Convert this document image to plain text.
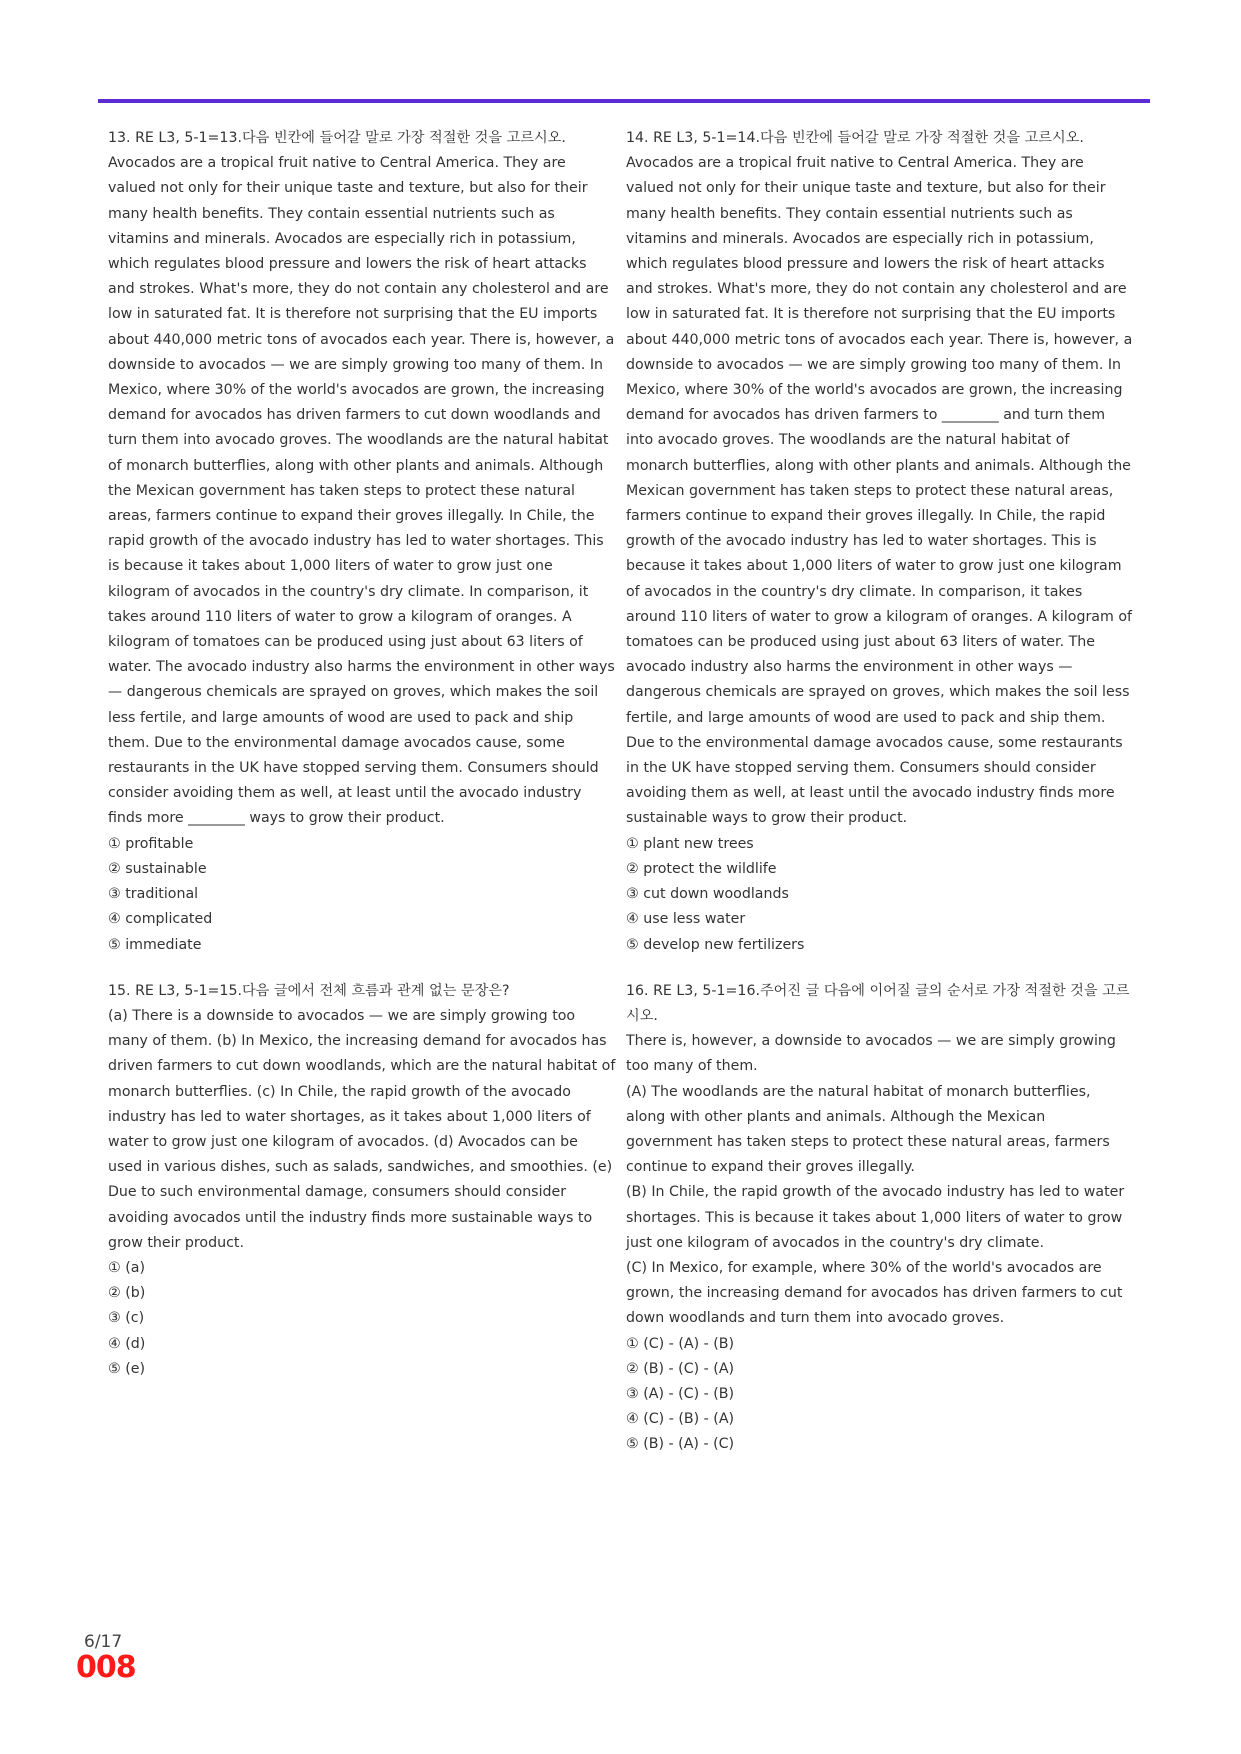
13. RE L3, 5-1=13.다음 빈칸에 들어갈 말로 가장 적절한 것을 고르시오.

Avocados are a tropical fruit native to Central America. They are valued not only for their unique taste and texture, but also for their many health benefits. They contain essential nutrients such as vitamins and minerals. Avocados are especially rich in potassium, which regulates blood pressure and lowers the risk of heart attacks and strokes. What's more, they do not contain any cholesterol and are low in saturated fat. It is therefore not surprising that the EU imports about 440,000 metric tons of avocados each year. There is, however, a downside to avocados — we are simply growing too many of them. In Mexico, where 30% of the world's avocados are grown, the increasing demand for avocados has driven farmers to cut down woodlands and turn them into avocado groves. The woodlands are the natural habitat of monarch butterflies, along with other plants and animals. Although the Mexican government has taken steps to protect these natural areas, farmers continue to expand their groves illegally. In Chile, the rapid growth of the avocado industry has led to water shortages. This is because it takes about 1,000 liters of water to grow just one kilogram of avocados in the country's dry climate. In comparison, it takes around 110 liters of water to grow a kilogram of oranges. A kilogram of tomatoes can be produced using just about 63 liters of water. The avocado industry also harms the environment in other ways — dangerous chemicals are sprayed on groves, which makes the soil less fertile, and large amounts of wood are used to pack and ship them. Due to the environmental damage avocados cause, some restaurants in the UK have stopped serving them. Consumers should consider avoiding them as well, at least until the avocado industry finds more ________ ways to grow their product.

① profitable

② sustainable

③ traditional

④ complicated

⑤ immediate

15. RE L3, 5-1=15.다음 글에서 전체 흐름과 관계 없는 문장은?

(a) There is a downside to avocados — we are simply growing too many of them. (b) In Mexico, the increasing demand for avocados has driven farmers to cut down woodlands, which are the natural habitat of monarch butterflies. (c) In Chile, the rapid growth of the avocado industry has led to water shortages, as it takes about 1,000 liters of water to grow just one kilogram of avocados. (d) Avocados can be used in various dishes, such as salads, sandwiches, and smoothies. (e) Due to such environmental damage, consumers should consider avoiding avocados until the industry finds more sustainable ways to grow their product.

① (a)

② (b)

③ (c)

④ (d)

⑤ (e)

14. RE L3, 5-1=14.다음 빈칸에 들어갈 말로 가장 적절한 것을 고르시오.

Avocados are a tropical fruit native to Central America. They are valued not only for their unique taste and texture, but also for their many health benefits. They contain essential nutrients such as vitamins and minerals. Avocados are especially rich in potassium, which regulates blood pressure and lowers the risk of heart attacks and strokes. What's more, they do not contain any cholesterol and are low in saturated fat. It is therefore not surprising that the EU imports about 440,000 metric tons of avocados each year. There is, however, a downside to avocados — we are simply growing too many of them. In Mexico, where 30% of the world's avocados are grown, the increasing demand for avocados has driven farmers to ________ and turn them into avocado groves. The woodlands are the natural habitat of monarch butterflies, along with other plants and animals. Although the Mexican government has taken steps to protect these natural areas, farmers continue to expand their groves illegally. In Chile, the rapid growth of the avocado industry has led to water shortages. This is because it takes about 1,000 liters of water to grow just one kilogram of avocados in the country's dry climate. In comparison, it takes around 110 liters of water to grow a kilogram of oranges. A kilogram of tomatoes can be produced using just about 63 liters of water. The avocado industry also harms the environment in other ways — dangerous chemicals are sprayed on groves, which makes the soil less fertile, and large amounts of wood are used to pack and ship them. Due to the environmental damage avocados cause, some restaurants in the UK have stopped serving them. Consumers should consider avoiding them as well, at least until the avocado industry finds more sustainable ways to grow their product.

① plant new trees

② protect the wildlife

③ cut down woodlands

④ use less water

⑤ develop new fertilizers

16. RE L3, 5-1=16.주어진 글 다음에 이어질 글의 순서로 가장 적절한 것을 고르시오.

There is, however, a downside to avocados — we are simply growing too many of them.

(A) The woodlands are the natural habitat of monarch butterflies, along with other plants and animals. Although the Mexican government has taken steps to protect these natural areas, farmers continue to expand their groves illegally.

(B) In Chile, the rapid growth of the avocado industry has led to water shortages. This is because it takes about 1,000 liters of water to grow just one kilogram of avocados in the country's dry climate.

(C) In Mexico, for example, where 30% of the world's avocados are grown, the increasing demand for avocados has driven farmers to cut down woodlands and turn them into avocado groves.

① (C) - (A) - (B)

② (B) - (C) - (A)

③ (A) - (C) - (B)

④ (C) - (B) - (A)

⑤ (B) - (A) - (C)

6/17
008
